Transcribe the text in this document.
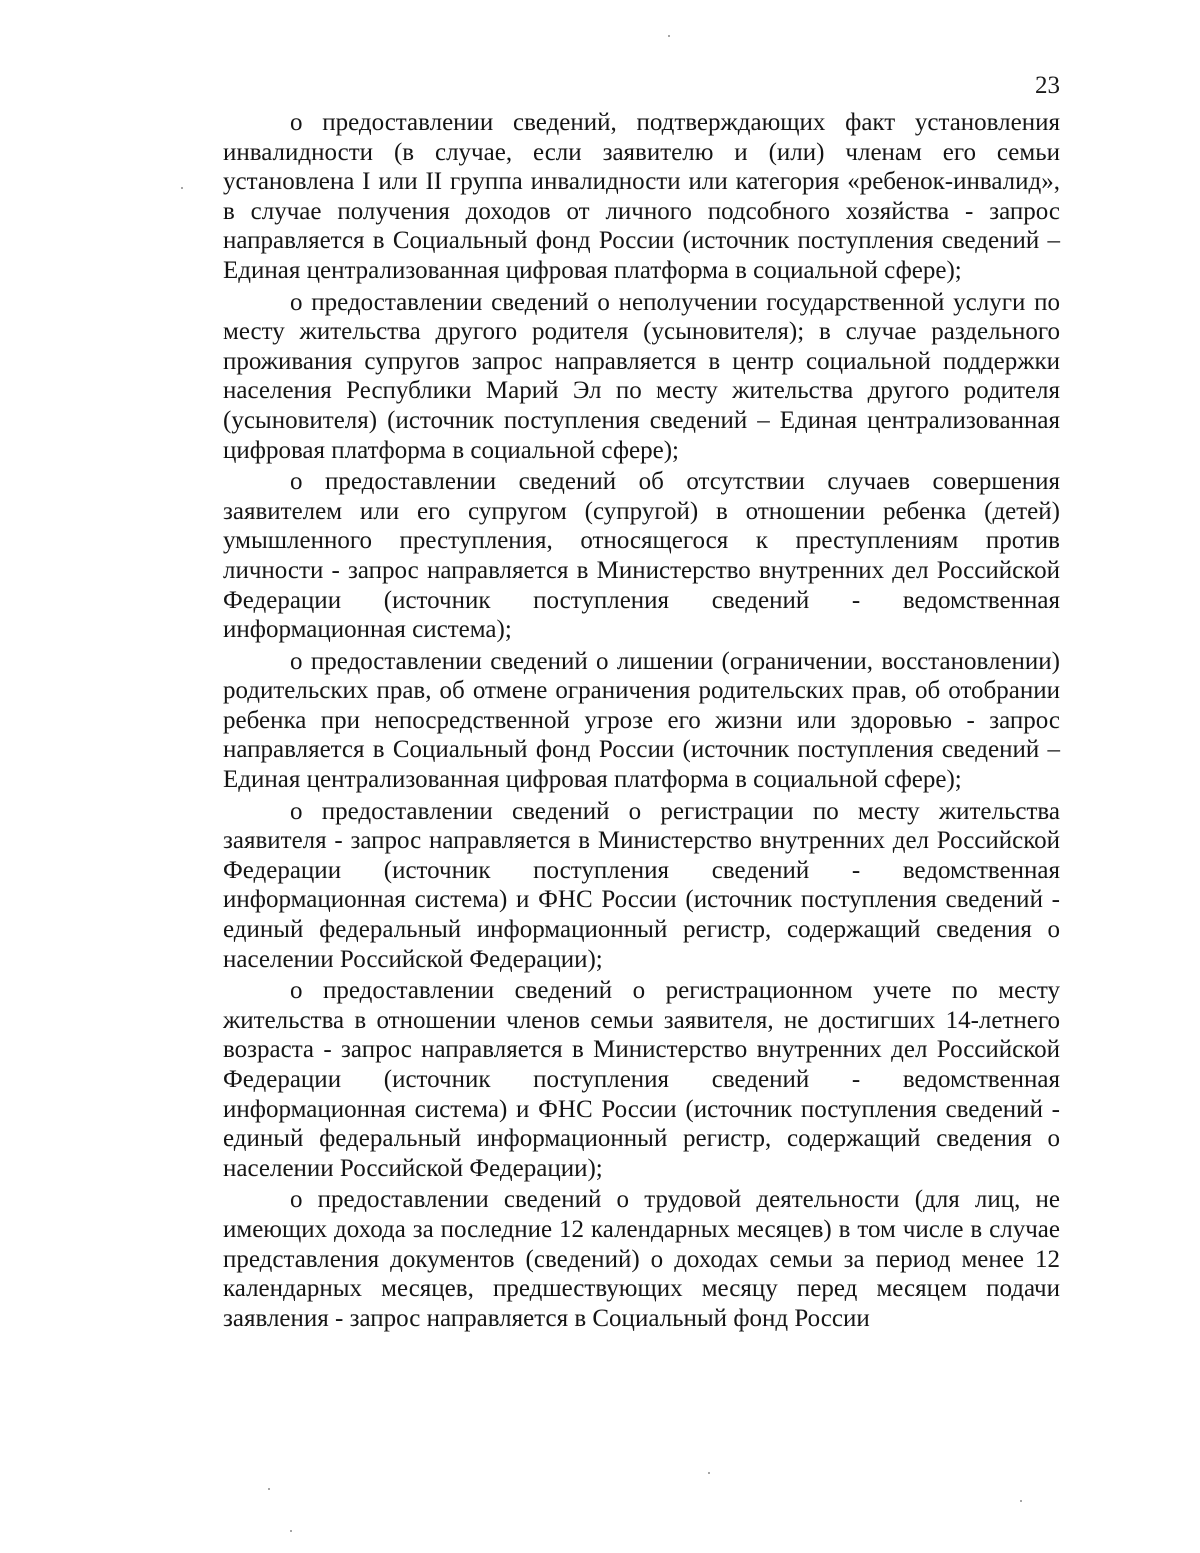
23

о предоставлении сведений, подтверждающих факт установления инвалидности (в случае, если заявителю и (или) членам его семьи установлена I или II группа инвалидности или категория «ребенок-инвалид», в случае получения доходов от личного подсобного хозяйства - запрос направляется в Социальный фонд России (источник поступления сведений – Единая централизованная цифровая платформа в социальной сфере);

о предоставлении сведений о неполучении государственной услуги по месту жительства другого родителя (усыновителя); в случае раздельного проживания супругов запрос направляется в центр социальной поддержки населения Республики Марий Эл по месту жительства другого родителя (усыновителя) (источник поступления сведений – Единая централизованная цифровая платформа в социальной сфере);

о предоставлении сведений об отсутствии случаев совершения заявителем или его супругом (супругой) в отношении ребенка (детей) умышленного преступления, относящегося к преступлениям против личности - запрос направляется в Министерство внутренних дел Российской Федерации (источник поступления сведений - ведомственная информационная система);

о предоставлении сведений о лишении (ограничении, восстановлении) родительских прав, об отмене ограничения родительских прав, об отобрании ребенка при непосредственной угрозе его жизни или здоровью - запрос направляется в Социальный фонд России (источник поступления сведений – Единая централизованная цифровая платформа в социальной сфере);

о предоставлении сведений о регистрации по месту жительства заявителя - запрос направляется в Министерство внутренних дел Российской Федерации (источник поступления сведений - ведомственная информационная система) и ФНС России (источник поступления сведений - единый федеральный информационный регистр, содержащий сведения о населении Российской Федерации);

о предоставлении сведений о регистрационном учете по месту жительства в отношении членов семьи заявителя, не достигших 14-летнего возраста - запрос направляется в Министерство внутренних дел Российской Федерации (источник поступления сведений - ведомственная информационная система) и ФНС России (источник поступления сведений - единый федеральный информационный регистр, содержащий сведения о населении Российской Федерации);

о предоставлении сведений о трудовой деятельности (для лиц, не имеющих дохода за последние 12 календарных месяцев) в том числе в случае представления документов (сведений) о доходах семьи за период менее 12 календарных месяцев, предшествующих месяцу перед месяцем подачи заявления - запрос направляется в Социальный фонд России
